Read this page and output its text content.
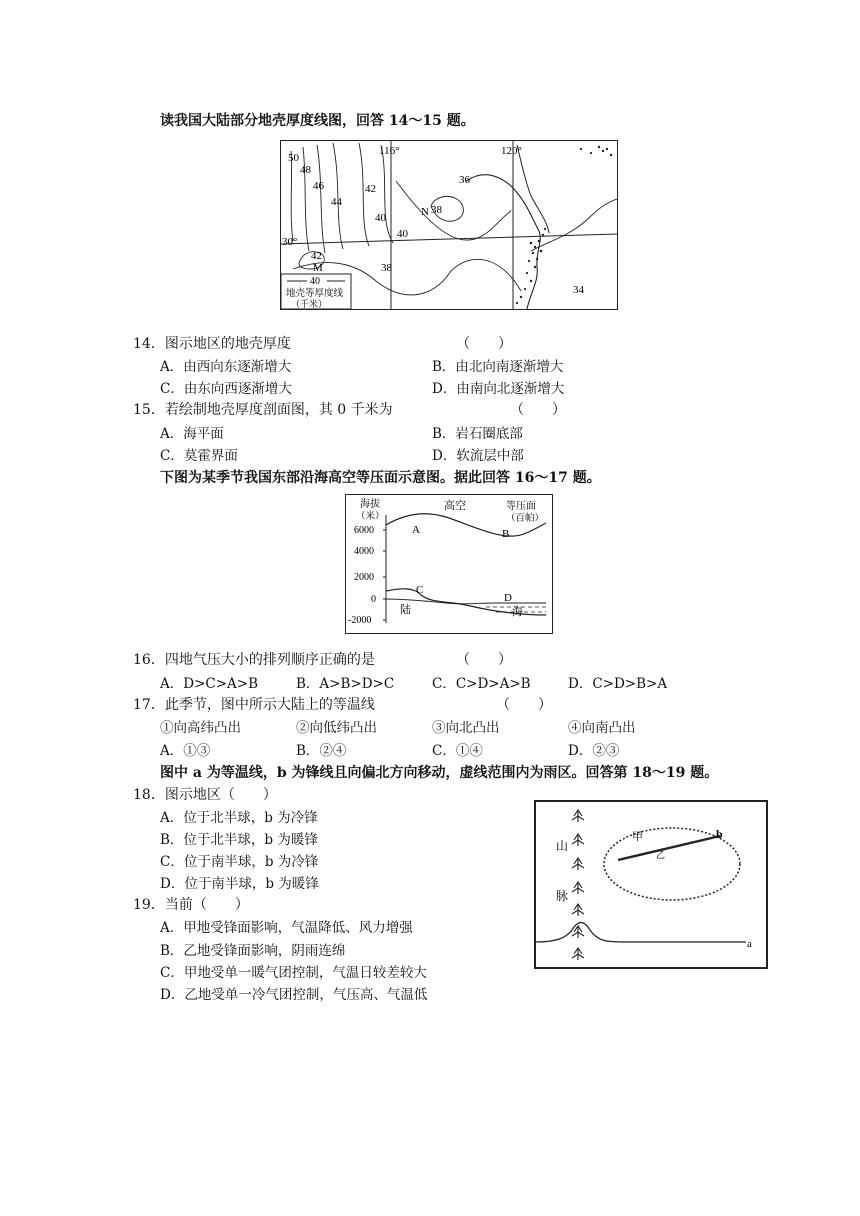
读我国大陆部分地壳厚度线图，回答 14～15 题。
40
地壳等厚度线
（千米）
116°	120°
30°
50
48
46
44
42
40
42
40
38
36
38
34
N
M
14．图示地区的地壳厚度	（　　）
A．由西向东逐渐增大	B．由北向南逐渐增大
C．由东向西逐渐增大	D．由南向北逐渐增大
15．若绘制地壳厚度剖面图，其 0 千米为	（　　）
A．海平面	B．岩石圈底部
C．莫霍界面	D．软流层中部
下图为某季节我国东部沿海高空等压面示意图。据此回答 16～17 题。
海拔
（米）
6000
4000
2000
0
-2000
高空	等压面
（百帕）
A	B
C
D
陆	海
16．四地气压大小的排列顺序正确的是	（　　）
A．D>C>A>B	B．A>B>D>C	C．C>D>A>B	D．C>D>B>A
17．此季节，图中所示大陆上的等温线	（　　）
①向高纬凸出	②向低纬凸出	③向北凸出	④向南凸出
A．①③	B．②④	C．①④	D．②③
图中 a 为等温线，b 为锋线且向偏北方向移动，虚线范围内为雨区。回答第 18～19 题。
18．图示地区（　　）
A．位于北半球，b 为冷锋
B．位于北半球，b 为暖锋
C．位于南半球，b 为冷锋
D．位于南半球，b 为暖锋
山
脉
a
b
甲
乙
19．当前（　　）
A．甲地受锋面影响，气温降低、风力增强
B．乙地受锋面影响，阴雨连绵
C．甲地受单一暖气团控制，气温日较差较大
D．乙地受单一冷气团控制，气压高、气温低
